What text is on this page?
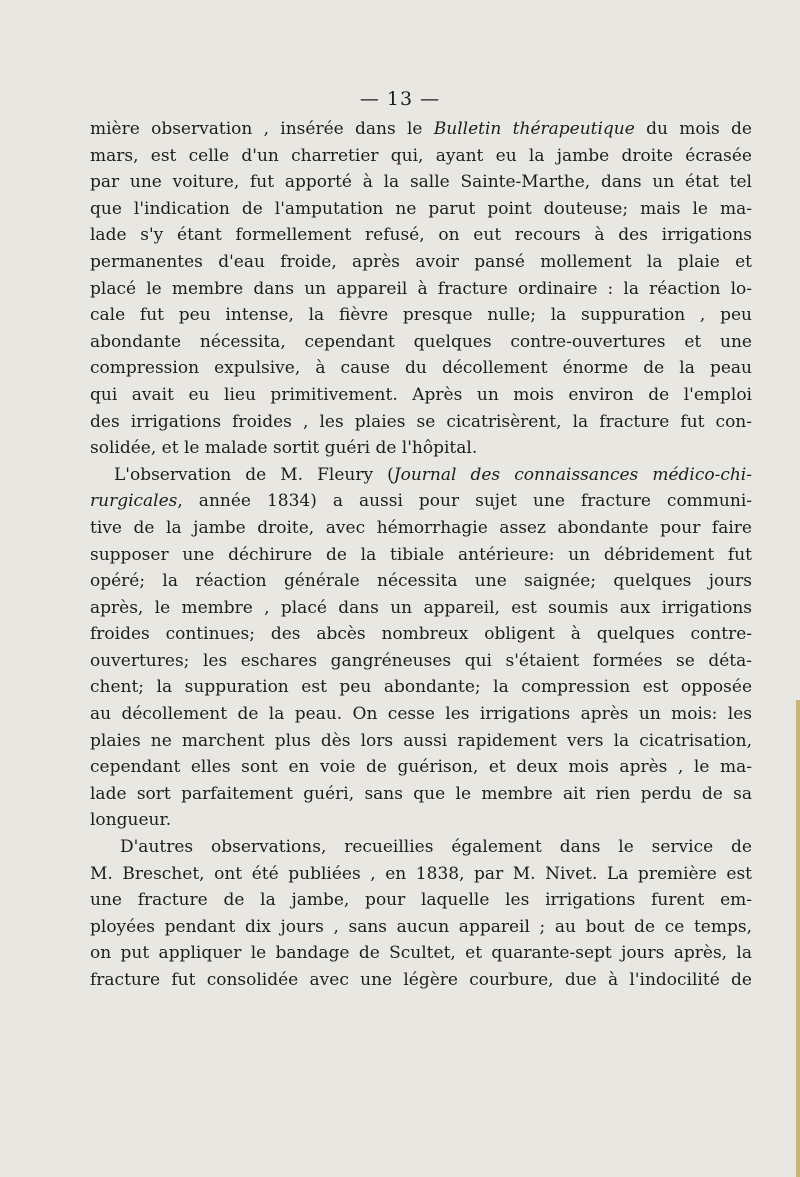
— 13 —
mière observation , insérée dans le Bulletin thérapeutique du mois de
mars, est celle d'un charretier qui, ayant eu la jambe droite écrasée
par une voiture, fut apporté à la salle Sainte-Marthe, dans un état tel
que l'indication de l'amputation ne parut point douteuse; mais le ma-
lade s'y étant formellement refusé, on eut recours à des irrigations
permanentes d'eau froide, après avoir pansé mollement la plaie et
placé le membre dans un appareil à fracture ordinaire : la réaction lo-
cale fut peu intense, la fièvre presque nulle; la suppuration , peu
abondante nécessita, cependant quelques contre-ouvertures et une
compression expulsive, à cause du décollement énorme de la peau
qui avait eu lieu primitivement. Après un mois environ de l'emploi
des irrigations froides , les plaies se cicatrisèrent, la fracture fut con-
solidée, et le malade sortit guéri de l'hôpital.
L'observation de M. Fleury (Journal des connaissances médico-chi-
rurgicales, année 1834) a aussi pour sujet une fracture communi-
tive de la jambe droite, avec hémorrhagie assez abondante pour faire
supposer une déchirure de la tibiale antérieure: un débridement fut
opéré; la réaction générale nécessita une saignée; quelques jours
après, le membre , placé dans un appareil, est soumis aux irrigations
froides continues; des abcès nombreux obligent à quelques contre-
ouvertures; les eschares gangréneuses qui s'étaient formées se déta-
chent; la suppuration est peu abondante; la compression est opposée
au décollement de la peau. On cesse les irrigations après un mois: les
plaies ne marchent plus dès lors aussi rapidement vers la cicatrisation,
cependant elles sont en voie de guérison, et deux mois après , le ma-
lade sort parfaitement guéri, sans que le membre ait rien perdu de sa
longueur.
D'autres observations, recueillies également dans le service de
M. Breschet, ont été publiées , en 1838, par M. Nivet. La première est
une fracture de la jambe, pour laquelle les irrigations furent em-
ployées pendant dix jours , sans aucun appareil ; au bout de ce temps,
on put appliquer le bandage de Scultet, et quarante-sept jours après, la
fracture fut consolidée avec une légère courbure, due à l'indocilité de
